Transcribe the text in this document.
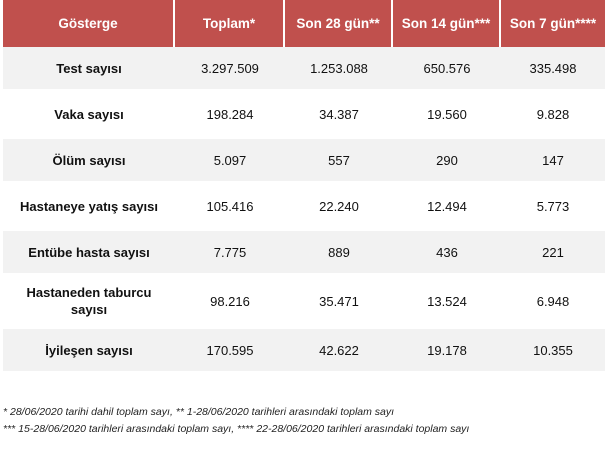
Gösterge	Toplam*	Son 28 gün**	Son 14 gün***	Son 7 gün****
Test sayısı	3.297.509	1.253.088	650.576	335.498
Vaka sayısı	198.284	34.387	19.560	9.828
Ölüm sayısı	5.097	557	290	147
Hastaneye yatış sayısı	105.416	22.240	12.494	5.773
Entübe hasta sayısı	7.775	889	436	221
Hastaneden taburcu sayısı	98.216	35.471	13.524	6.948
İyileşen sayısı	170.595	42.622	19.178	10.355
* 28/06/2020 tarihi dahil toplam sayı, ** 1-28/06/2020 tarihleri arasındaki toplam sayı
*** 15-28/06/2020 tarihleri arasındaki toplam sayı, **** 22-28/06/2020 tarihleri arasındaki toplam sayı
